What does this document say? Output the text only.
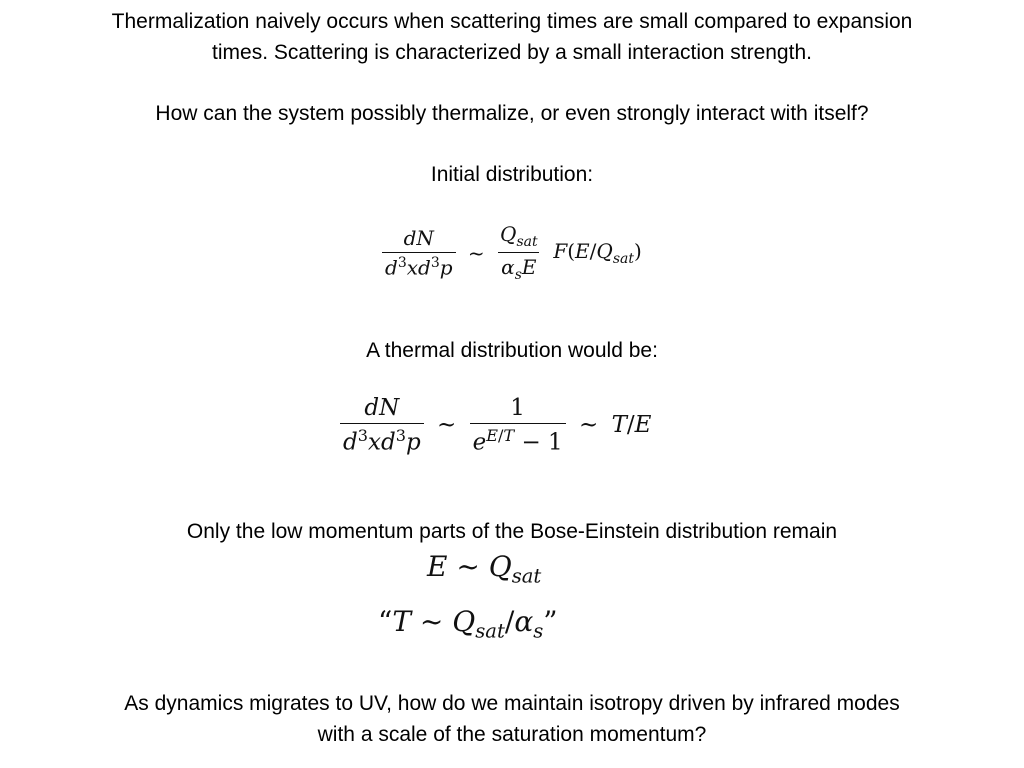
Thermalization naively occurs when scattering times are small compared to expansion
times. Scattering is characterized by a small interaction strength.
How can the system possibly thermalize, or even strongly interact with itself?
Initial distribution:
$\frac{dN}{d^3xd^3p}$ ~ $\frac{Q_{sat}}{\alpha_sE} F(E/Q_{sat})$
A thermal distribution would be:
$\frac{dN}{d^3xd^3p}$ ~ $\frac{1}{e^{E/T} - 1}$ ~ T/E
Only the low momentum parts of the Bose-Einstein distribution remain
E ~ $Q_{sat}$
“T ~ $Q_{sat}/\alpha_s$”
As dynamics migrates to UV, how do we maintain isotropy driven by infrared modes
with a scale of the saturation momentum?
